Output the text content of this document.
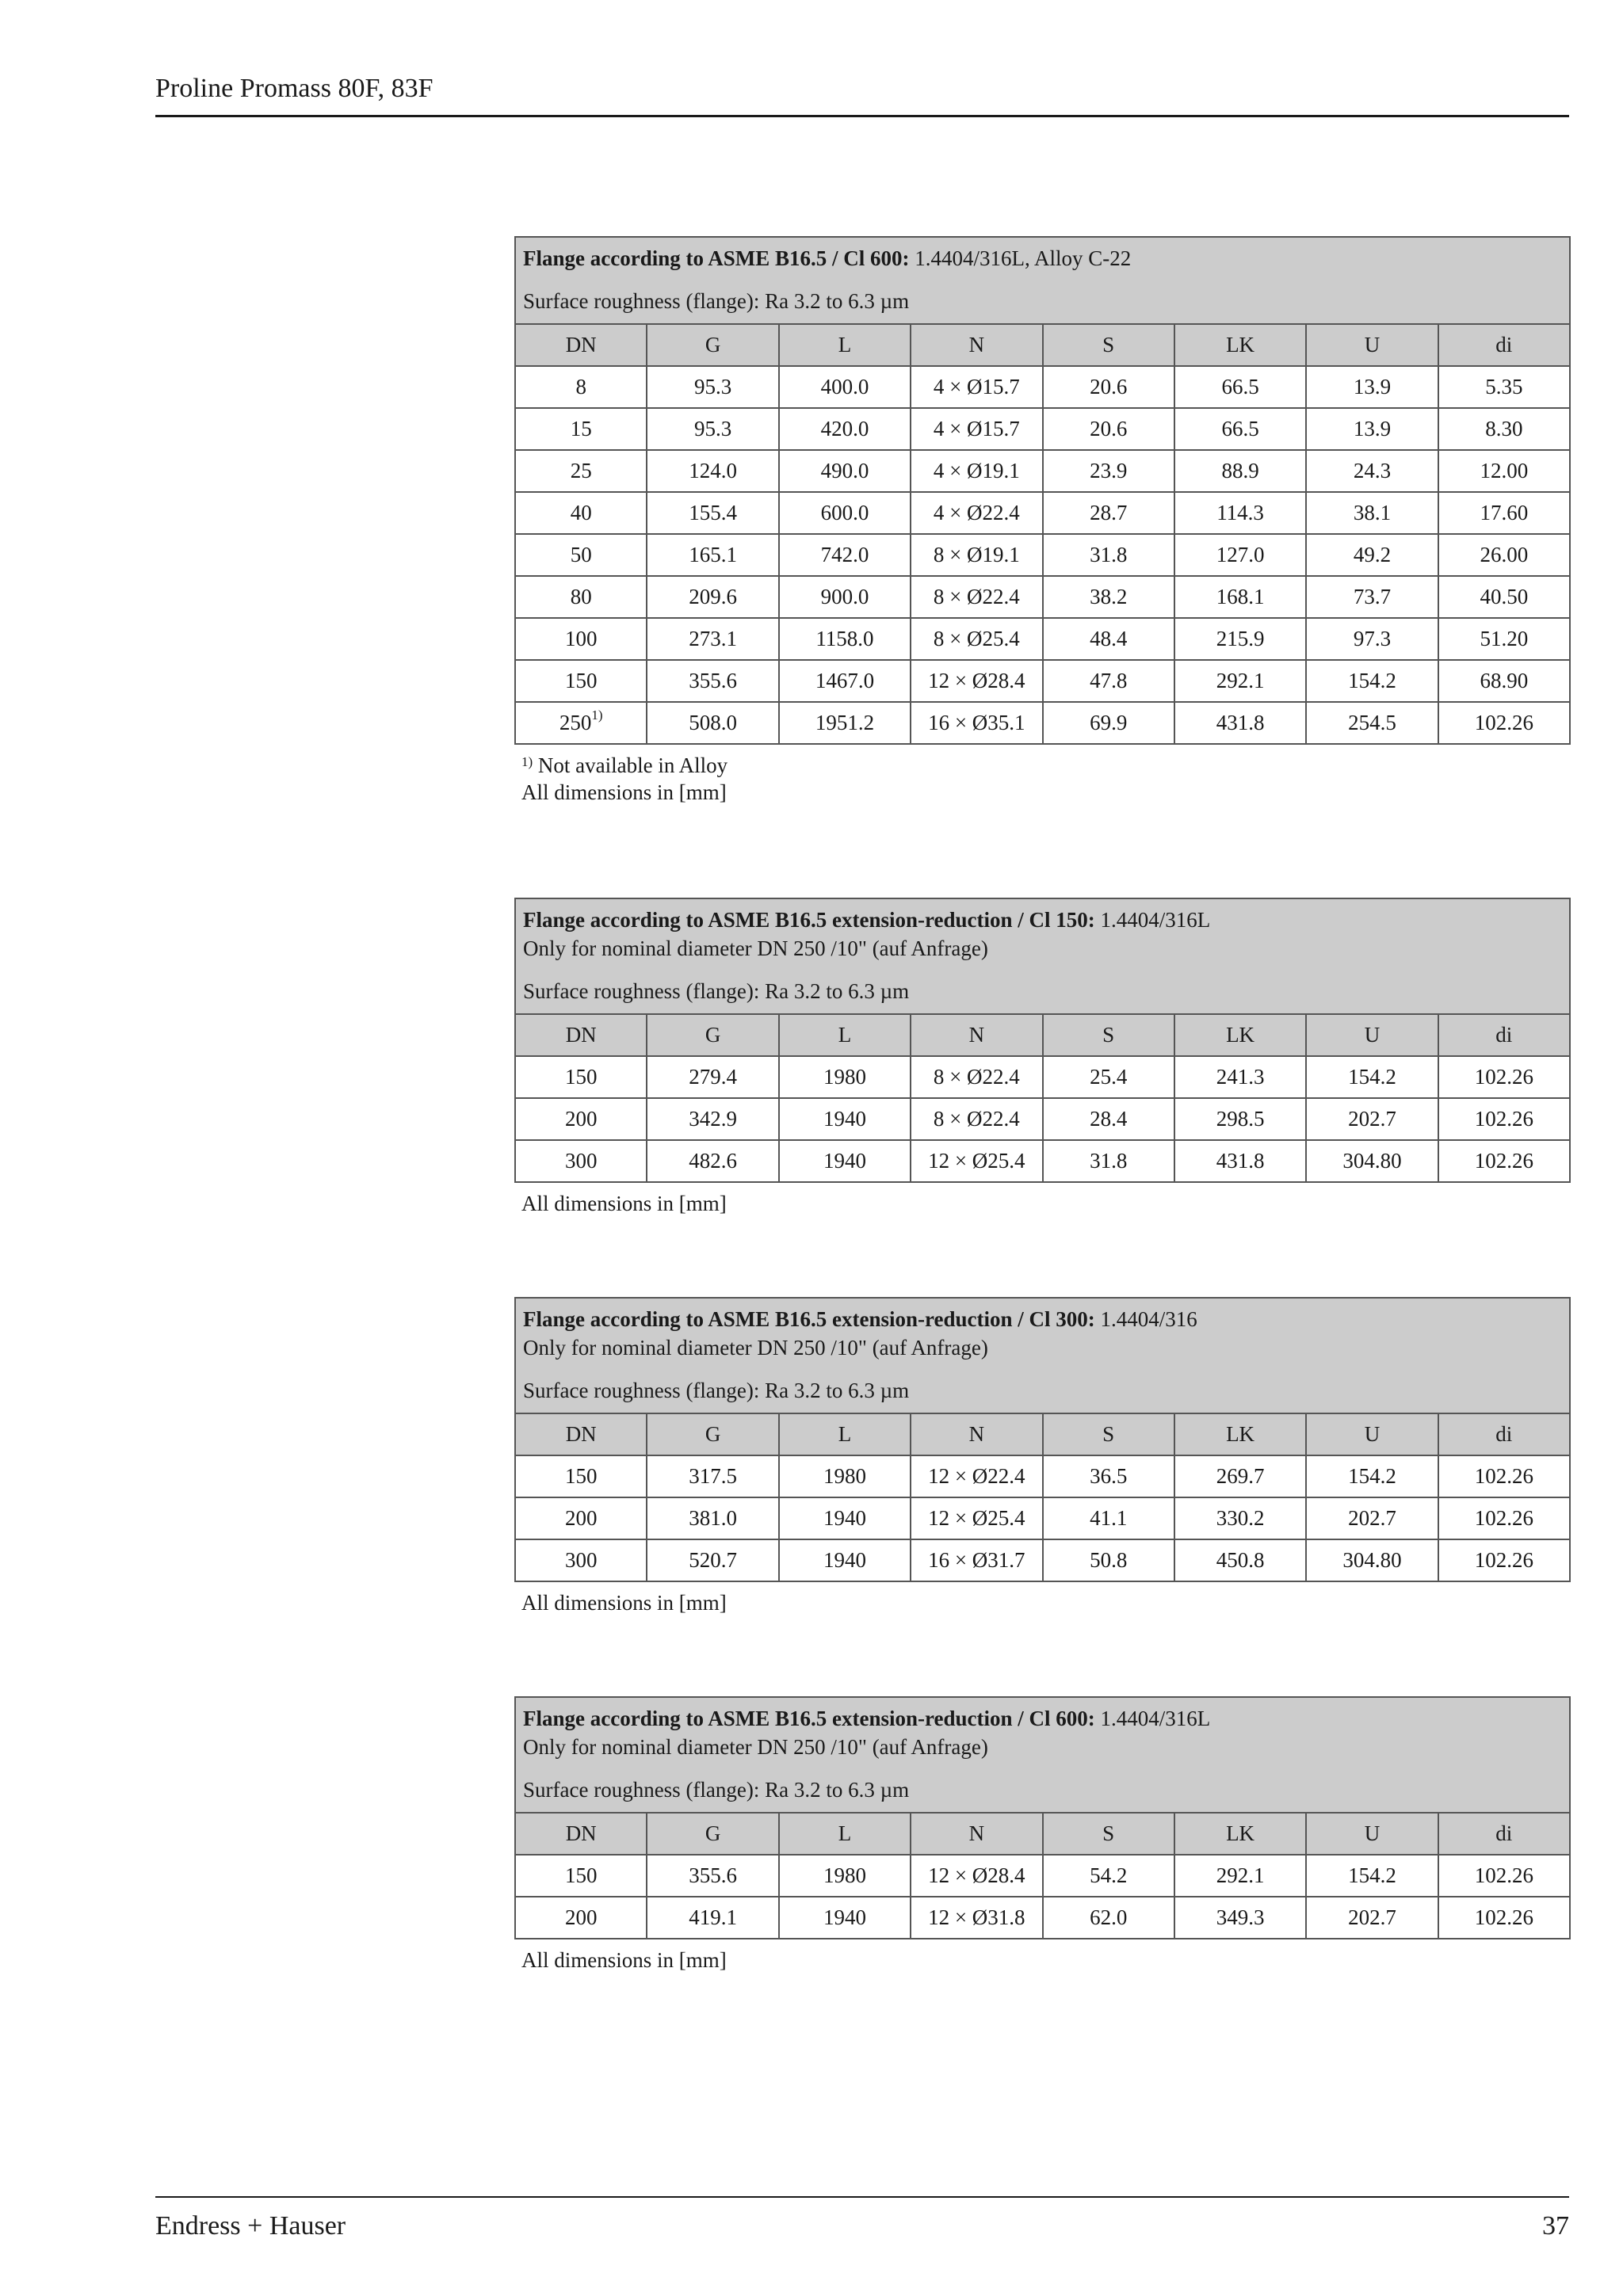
Proline Promass 80F, 83F
Flange according to ASME B16.5 / Cl 600: 1.4404/316L, Alloy C-22
Surface roughness (flange): Ra 3.2 to 6.3 µm							

DN	G	L	N	S	LK	U	di
8	95.3	400.0	4 × Ø15.7	20.6	66.5	13.9	5.35
15	95.3	420.0	4 × Ø15.7	20.6	66.5	13.9	8.30
25	124.0	490.0	4 × Ø19.1	23.9	88.9	24.3	12.00
40	155.4	600.0	4 × Ø22.4	28.7	114.3	38.1	17.60
50	165.1	742.0	8 × Ø19.1	31.8	127.0	49.2	26.00
80	209.6	900.0	8 × Ø22.4	38.2	168.1	73.7	40.50
100	273.1	1158.0	8 × Ø25.4	48.4	215.9	97.3	51.20
150	355.6	1467.0	12 × Ø28.4	47.8	292.1	154.2	68.90
250$^{1)}$	508.0	1951.2	16 × Ø35.1	69.9	431.8	254.5	102.26
$^{1)}$ Not available in Alloy
All dimensions in [mm]
Flange according to ASME B16.5 extension-reduction / Cl 150: 1.4404/316L
Only for nominal diameter DN 250 /10" (auf Anfrage)
Surface roughness (flange): Ra 3.2 to 6.3 µm							

DN	G	L	N	S	LK	U	di
150	279.4	1980	8 × Ø22.4	25.4	241.3	154.2	102.26
200	342.9	1940	8 × Ø22.4	28.4	298.5	202.7	102.26
300	482.6	1940	12 × Ø25.4	31.8	431.8	304.80	102.26
All dimensions in [mm]
Flange according to ASME B16.5 extension-reduction / Cl 300: 1.4404/316
Only for nominal diameter DN 250 /10" (auf Anfrage)
Surface roughness (flange): Ra 3.2 to 6.3 µm							

DN	G	L	N	S	LK	U	di
150	317.5	1980	12 × Ø22.4	36.5	269.7	154.2	102.26
200	381.0	1940	12 × Ø25.4	41.1	330.2	202.7	102.26
300	520.7	1940	16 × Ø31.7	50.8	450.8	304.80	102.26
All dimensions in [mm]
Flange according to ASME B16.5 extension-reduction / Cl 600: 1.4404/316L
Only for nominal diameter DN 250 /10" (auf Anfrage)
Surface roughness (flange): Ra 3.2 to 6.3 µm							

DN	G	L	N	S	LK	U	di
150	355.6	1980	12 × Ø28.4	54.2	292.1	154.2	102.26
200	419.1	1940	12 × Ø31.8	62.0	349.3	202.7	102.26
All dimensions in [mm]
Endress + Hauser	37
